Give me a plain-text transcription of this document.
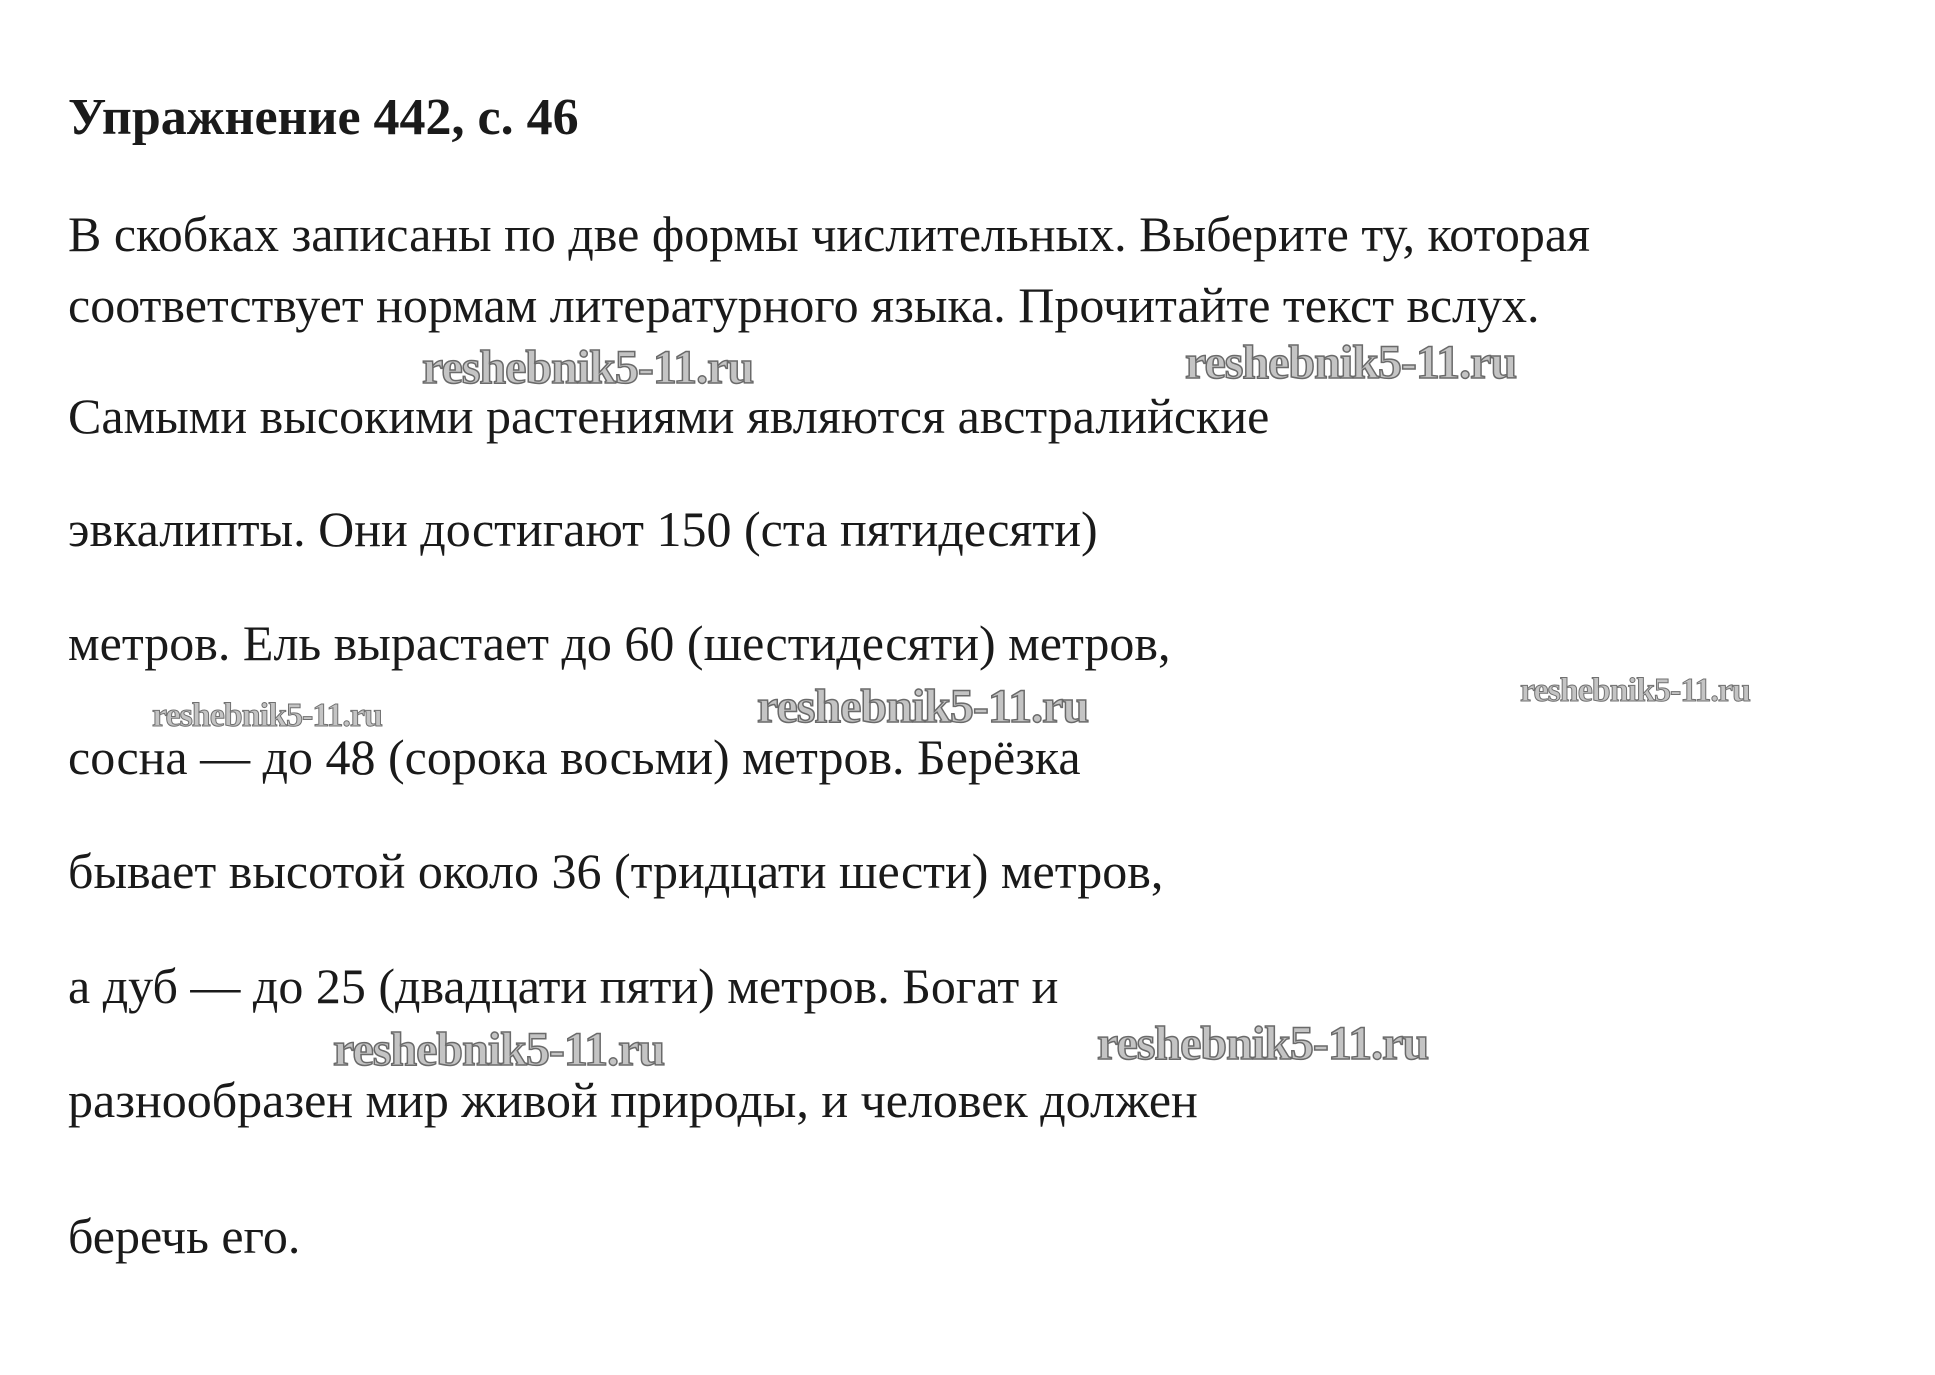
Упражнение 442, с. 46
В скобках записаны по две формы числительных. Выберите ту, которая
соответствует нормам литературного языка. Прочитайте текст вслух.
Самыми высокими растениями являются австралийские
эвкалипты. Они достигают 150 (ста пятидесяти)
метров. Ель вырастает до 60 (шестидесяти) метров,
сосна — до 48 (сорока восьми) метров. Берёзка
бывает высотой около 36 (тридцати шести) метров,
а дуб — до 25 (двадцати пяти) метров. Богат и
разнообразен мир живой природы, и человек должен
беречь его.
reshebnik5-11.ru	reshebnik5-11.ru
reshebnik5-11.ru
reshebnik5-11.ru
reshebnik5-11.ru
reshebnik5-11.ru	reshebnik5-11.ru
